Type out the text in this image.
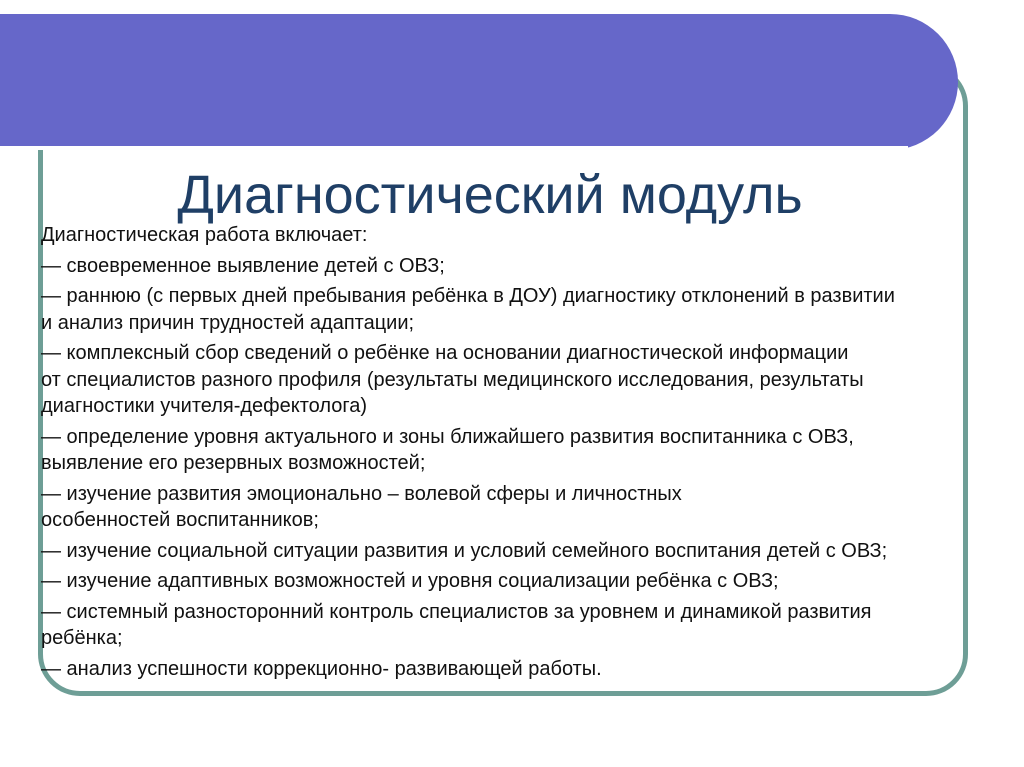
Диагностический модуль
Диагностическая работа включает:
— своевременное выявление детей с ОВЗ;
— раннюю (с первых дней пребывания ребёнка в ДОУ) диагностику отклонений в развитии
и анализ причин трудностей адаптации;
— комплексный сбор сведений о ребёнке на основании диагностической информации
от специалистов разного профиля (результаты медицинского исследования, результаты
диагностики учителя-дефектолога)
— определение уровня актуального и зоны ближайшего развития воспитанника с ОВЗ,
выявление его резервных возможностей;
— изучение развития эмоционально – волевой сферы и личностных
особенностей воспитанников;
— изучение социальной ситуации развития и условий семейного воспитания детей с ОВЗ;
— изучение адаптивных возможностей и уровня социализации ребёнка с ОВЗ;
— системный разносторонний контроль специалистов за уровнем и динамикой развития
ребёнка;
— анализ успешности коррекционно- развивающей работы.
